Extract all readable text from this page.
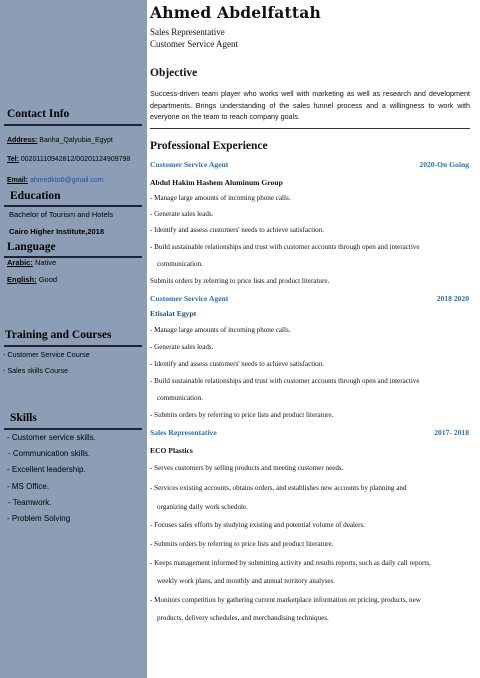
Contact Info
Address: Banha_Qalyubia_Egypt
Tel: 00201110942812/00201124909798
Email: ahmedkto6@gmail.com
Education
Bachelor of Tourism and Hotels
Cairo Higher Institute,2018
Language
Arabic: Native
English: Good
Training and Courses
- Customer Service Course
- Sales skills Course
Skills
- Customer service skills.
- Communication skills.
- Excellent leadership.
- MS Office.
- Teamwork.
- Problem Solving
Ahmed Abdelfattah
Sales Representative
Customer Service Agent
Objective
Success-driven team player who works well with marketing as well as research and development departments. Brings understanding of the sales funnel process and a willingness to work with everyone on the team to reach company goals.
Professional Experience
Customer Service Agent	2020-On Going
Abdul Hakim Hashem Aluminum Group
- Manage large amounts of incoming phone calls.
- Generate sales leads.
- Identify and assess customers' needs to achieve satisfaction.
- Build sustainable relationships and trust with customer accounts through open and interactive
communication.
Submits orders by referring to price lists and product literature.
Customer Service Agent	2018 2020
Etisalat Egypt
- Manage large amounts of incoming phone calls.
- Generate sales leads.
- Identify and assess customers' needs to achieve satisfaction.
- Build sustainable relationships and trust with customer accounts through open and interactive
communication.
- Submits orders by referring to price lists and product literature.
Sales Representative	2017- 2018
ECO Plastics
- Serves customers by selling products and meeting customer needs.
- Services existing accounts, obtains orders, and establishes new accounts by planning and
organizing daily work schedule.
- Focuses sales efforts by studying existing and potential volume of dealers.
- Submits orders by referring to price lists and product literature.
- Keeps management informed by submitting activity and results reports, such as daily call reports,
weekly work plans, and monthly and annual territory analyses.
- Monitors competition by gathering current marketplace information on pricing, products, new
products, delivery schedules, and merchandising techniques.
